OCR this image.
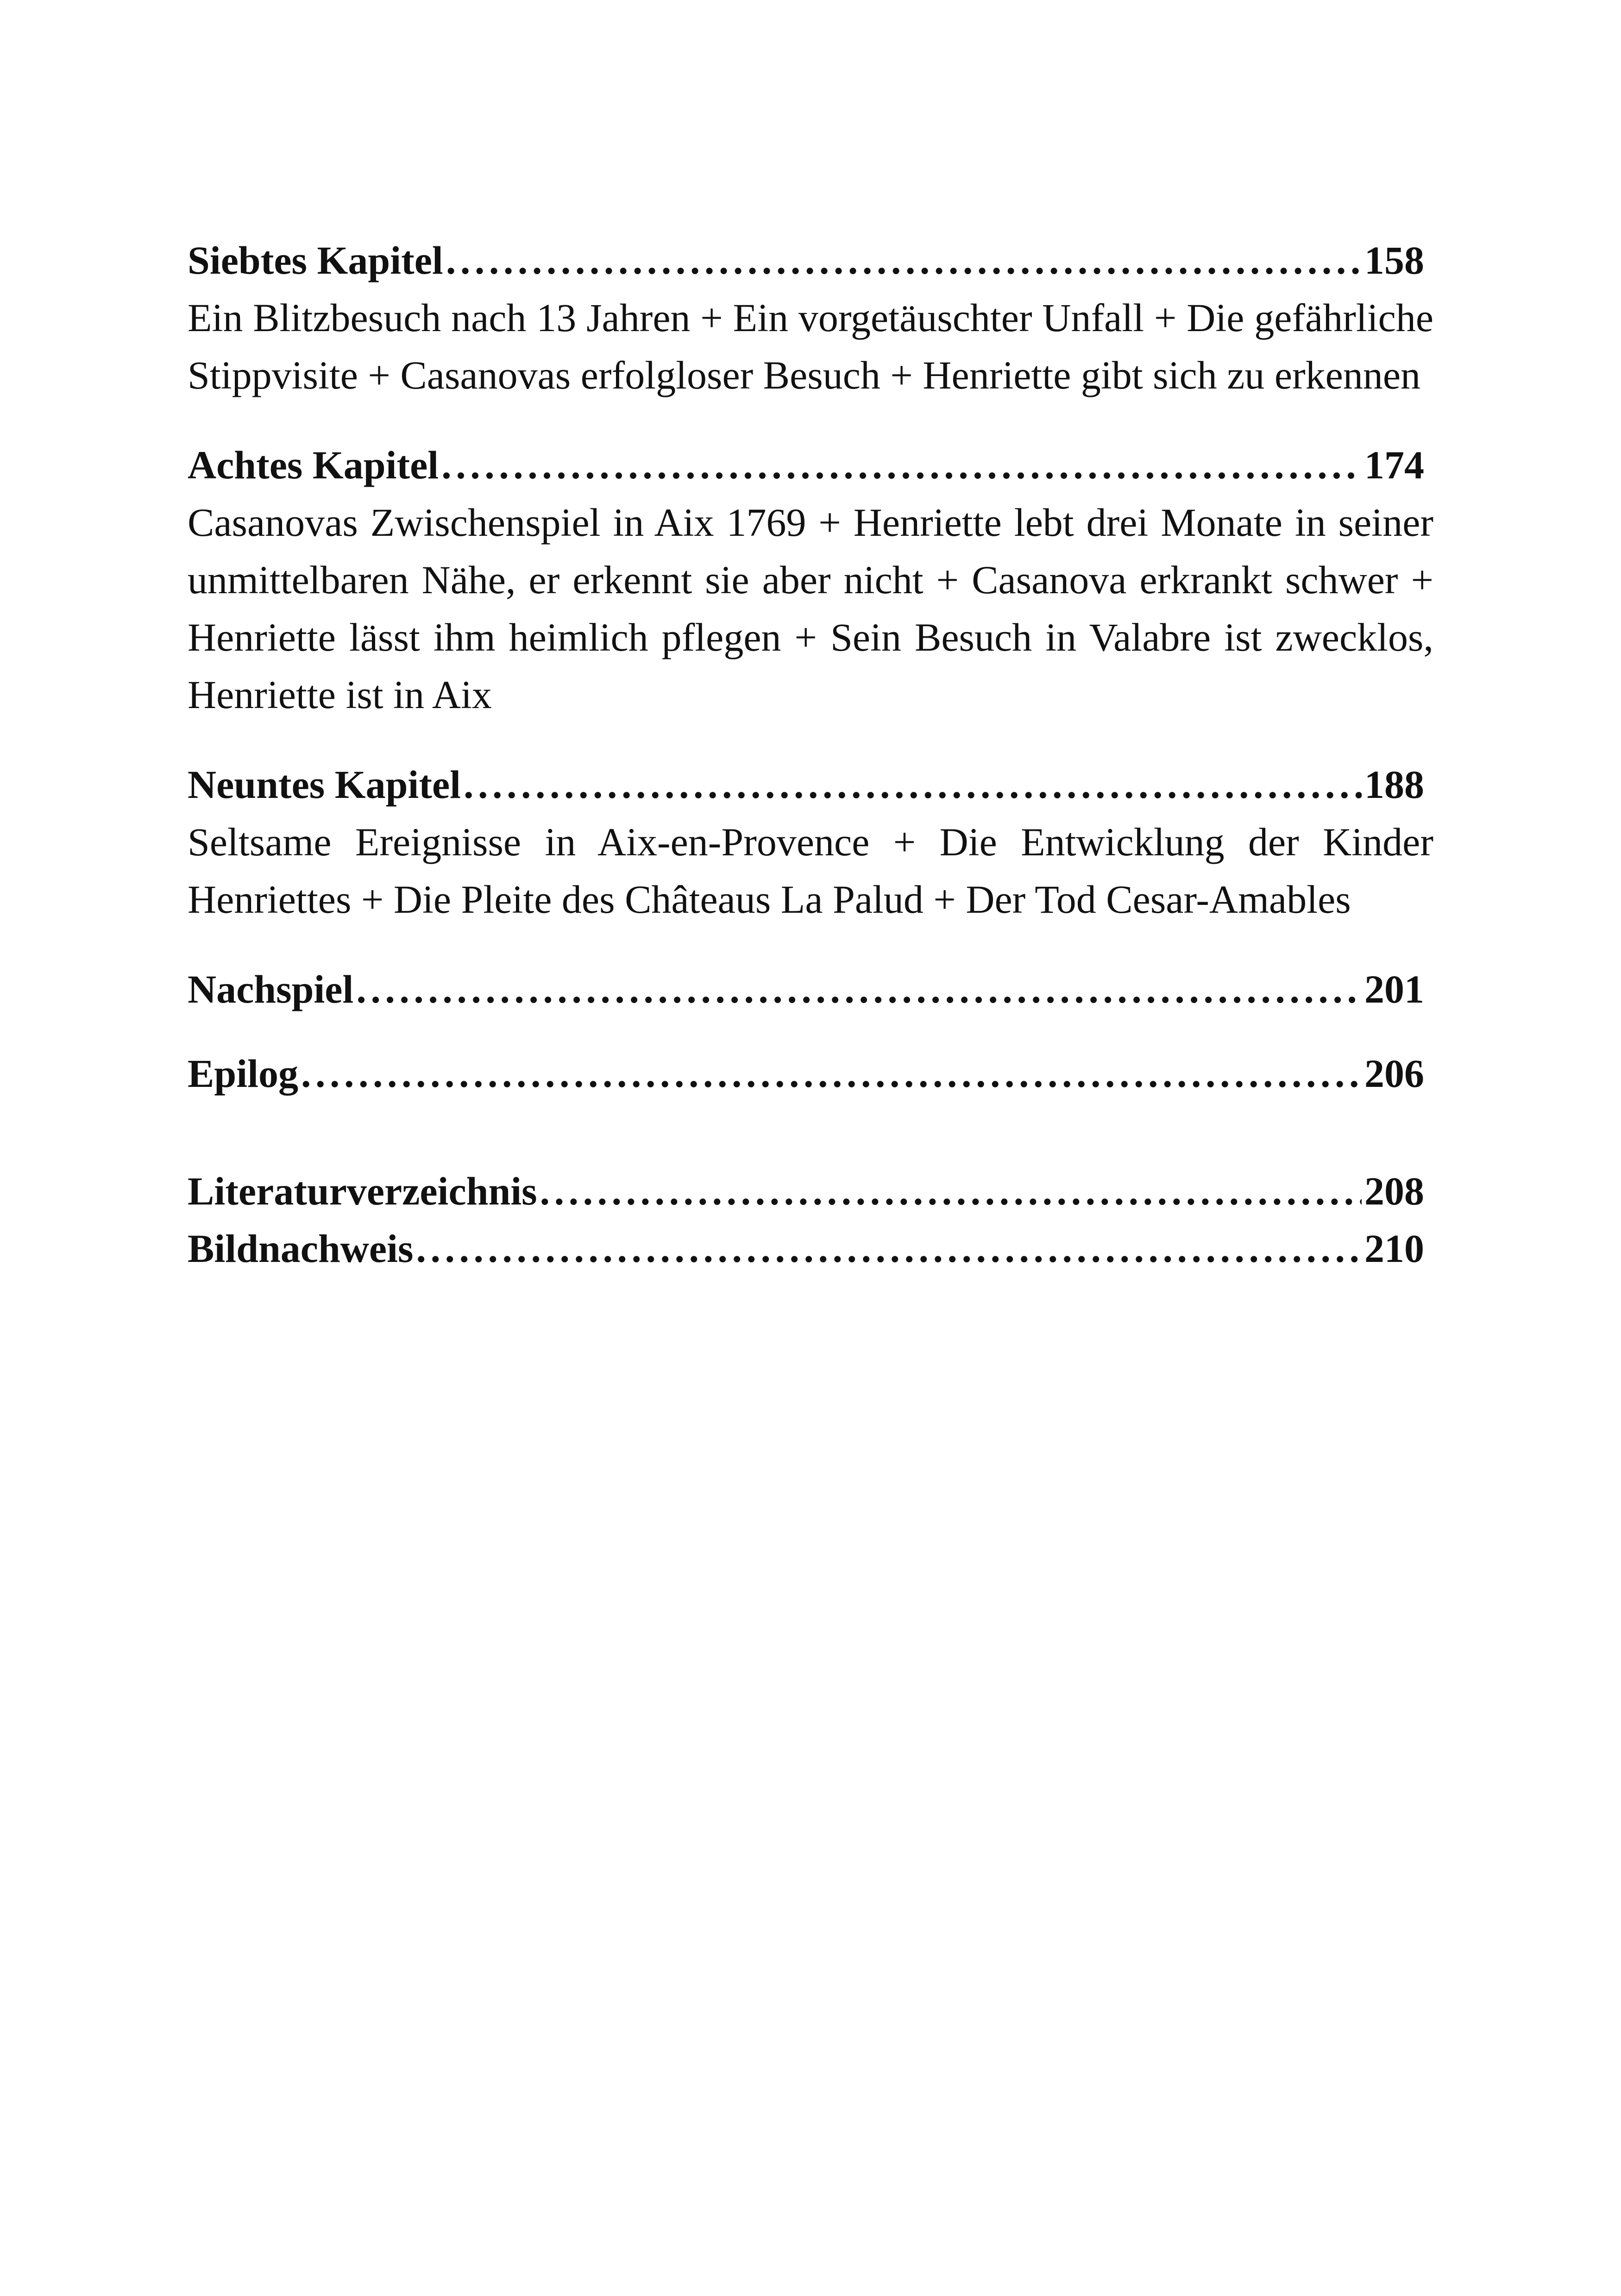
Siebtes Kapitel . . .	158

Ein Blitzbesuch nach 13 Jahren + Ein vorgetäuschter Unfall + Die gefährliche Stippvisite + Casanovas erfolgloser Besuch + Henriette gibt sich zu erkennen

Achtes Kapitel . . .	174

Casanovas Zwischenspiel in Aix 1769 + Henriette lebt drei Monate in seiner unmittelbaren Nähe, er erkennt sie aber nicht + Casanova erkrankt schwer + Henriette lässt ihm heimlich pflegen + Sein Besuch in Valabre ist zwecklos, Henriette ist in Aix

Neuntes Kapitel . . .	188

Seltsame Ereignisse in Aix-en-Provence + Die Entwicklung der Kinder Henriettes + Die Pleite des Châteaus La Palud + Der Tod Cesar-Amables

Nachspiel . . .	201
Epilog . . .	206
Literaturverzeichnis . . .	208
Bildnachweis . . .	210
